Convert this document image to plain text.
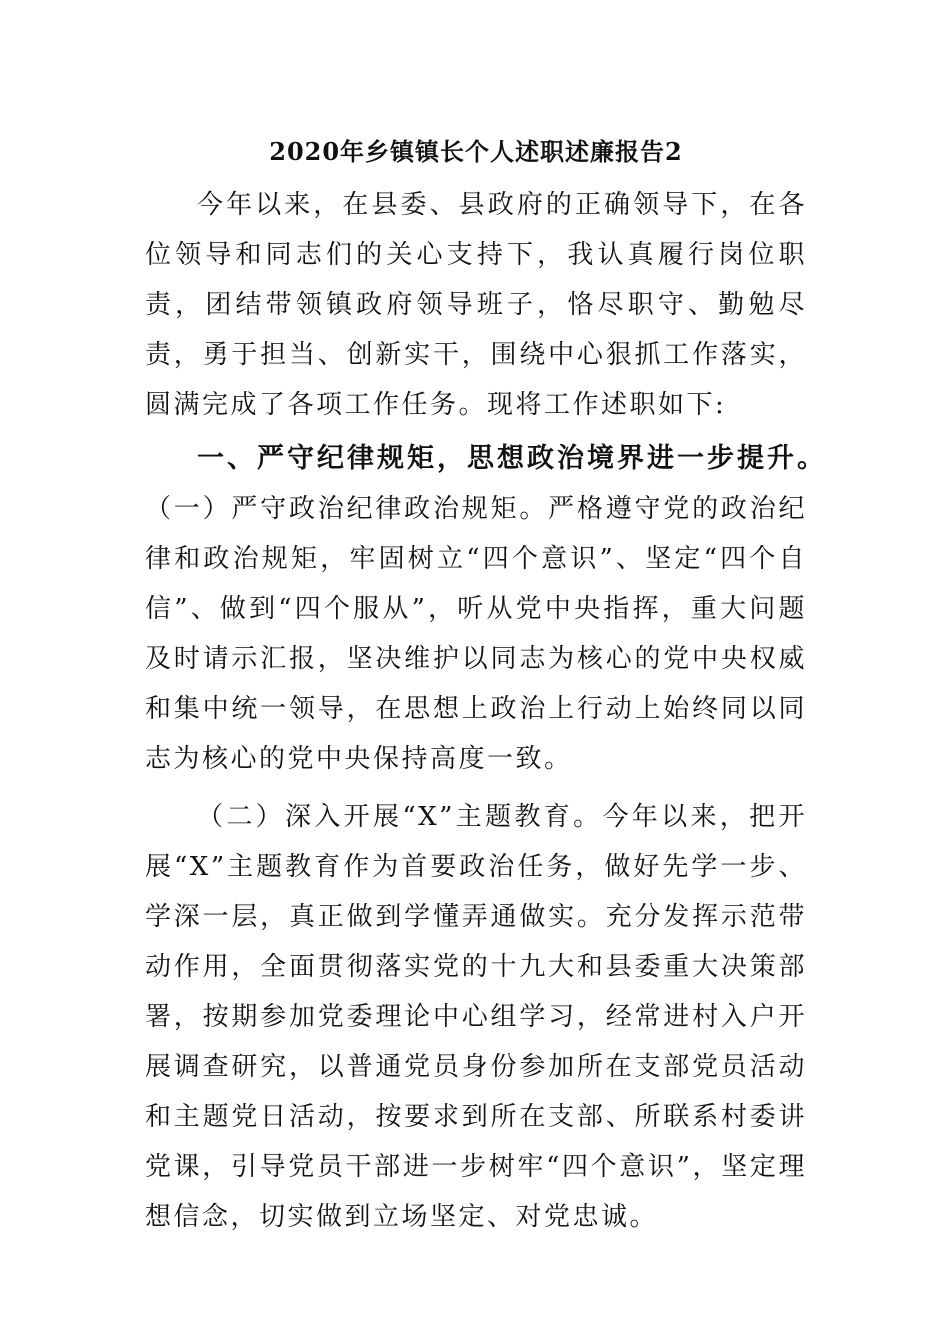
2020年乡镇镇长个人述职述廉报告2

今年以来，在县委、县政府的正确领导下，在各位领导和同志们的关心支持下，我认真履行岗位职责，团结带领镇政府领导班子，恪尽职守、勤勉尽责，勇于担当、创新实干，围绕中心狠抓工作落实，圆满完成了各项工作任务。现将工作述职如下:

一、严守纪律规矩，思想政治境界进一步提升。

（一）严守政治纪律政治规矩。严格遵守党的政治纪律和政治规矩，牢固树立“四个意识”、坚定“四个自信”、做到“四个服从”，听从党中央指挥，重大问题及时请示汇报，坚决维护以同志为核心的党中央权威和集中统一领导，在思想上政治上行动上始终同以同志为核心的党中央保持高度一致。

（二）深入开展“X”主题教育。今年以来，把开展“X”主题教育作为首要政治任务，做好先学一步、学深一层，真正做到学懂弄通做实。充分发挥示范带动作用，全面贯彻落实党的十九大和县委重大决策部署，按期参加党委理论中心组学习，经常进村入户开展调查研究，以普通党员身份参加所在支部党员活动和主题党日活动，按要求到所在支部、所联系村委讲党课，引导党员干部进一步树牢“四个意识”，坚定理想信念，切实做到立场坚定、对党忠诚。
